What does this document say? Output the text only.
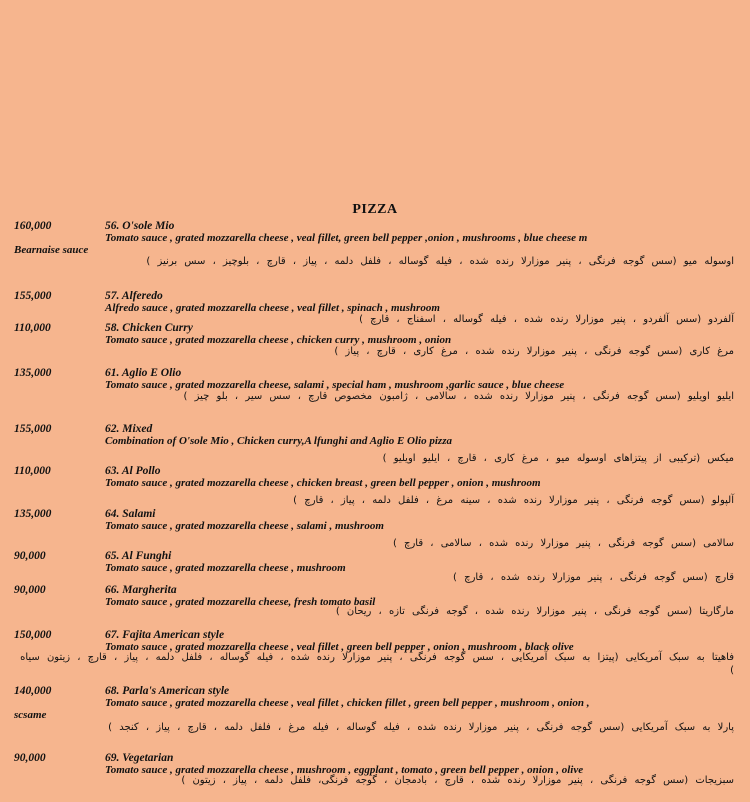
PIZZA
160,000	56. O'sole Mio
Tomato sauce , grated mozzarella cheese , veal fillet, green bell pepper ,onion , mushrooms , blue cheese m
Bearnaise sauce
اوسوله میو (سس گوجه فرنگی ، پنیر موزارلا رنده شده ، فیله گوساله ، فلفل دلمه ، پیاز ، قارچ ، بلوچیز ، سس برنیز )
155,000	57. Alferedo
Alfredo sauce , grated mozzarella cheese , veal fillet , spinach , mushroom
آلفردو (سس آلفردو ، پنیر موزارلا رنده شده ، فیله گوساله ، اسفناج ، قارچ )
110,000	58. Chicken Curry
Tomato sauce , grated mozzarella cheese , chicken curry , mushroom , onion
مرغ کاری (سس گوجه فرنگی ، پنیر موزارلا رنده شده ، مرغ کاری ، قارچ ، پیاز )
135,000	61. Aglio E Olio
Tomato sauce , grated mozzarella cheese, salami , special ham , mushroom ,garlic sauce , blue cheese
ایلیو اویلیو (سس گوجه فرنگی ، پنیر موزارلا رنده شده ، سالامی ، ژامبون مخصوص قارچ ، سس سیر ، بلو چیز )
155,000	62. Mixed
Combination of O'sole Mio , Chicken curry,A lfunghi and Aglio E Olio pizza
میکس (ترکیبی از پیتزاهای اوسوله میو ، مرغ کاری ، قارچ ، ایلیو اویلیو )
110,000	63. Al Pollo
Tomato sauce , grated mozzarella cheese , chicken breast , green bell pepper , onion , mushroom
آلپولو (سس گوجه فرنگی ، پنیر موزارلا رنده شده ، سینه مرغ ، فلفل دلمه ، پیاز ، قارچ )
135,000	64. Salami
Tomato sauce , grated mozzarella cheese , salami , mushroom
سالامی (سس گوجه فرنگی ، پنیر موزارلا رنده شده ، سالامی ، قارچ )
90,000	65. Al Funghi
Tomato sauce , grated mozzarella cheese , mushroom
قارچ (سس گوجه فرنگی ، پنیر موزارلا رنده شده ، قارچ )
90,000	66. Margherita
Tomato sauce , grated mozzarella cheese, fresh tomato basil
مارگاریتا (سس گوجه فرنگی ، پنیر موزارلا رنده شده ، گوجه فرنگی تازه ، ریحان )
150,000	67. Fajita American style
Tomato sauce , grated mozzarella cheese , veal fillet , green bell pepper , onion , mushroom , black olive
فاهیتا به سبک آمریکایی (پیتزا به سبک آمریکایی ، سس گوجه فرنگی ، پنیر موزارلا رنده شده ، فیله گوساله ، فلفل دلمه ، پیاز ، قارچ ، زیتون سیاه )
140,000	68. Parla's American style
Tomato sauce , grated mozzarella cheese , veal fillet , chicken fillet , green bell pepper , mushroom , onion ,
scsame
پارلا به سبک آمریکایی (سس گوجه فرنگی ، پنیر موزارلا رنده شده ، فیله گوساله ، فیله مرغ ، فلفل دلمه ، قارچ ، پیاز ، کنجد )
90,000	69. Vegetarian
Tomato sauce , grated mozzarella cheese , mushroom , eggplant , tomato , green bell pepper , onion , olive
سبزیجات (سس گوجه فرنگی ، پنیر موزارلا رنده شده ، قارچ ، بادمجان ، گوجه فرنگی، فلفل دلمه ، پیاز ، زیتون )
